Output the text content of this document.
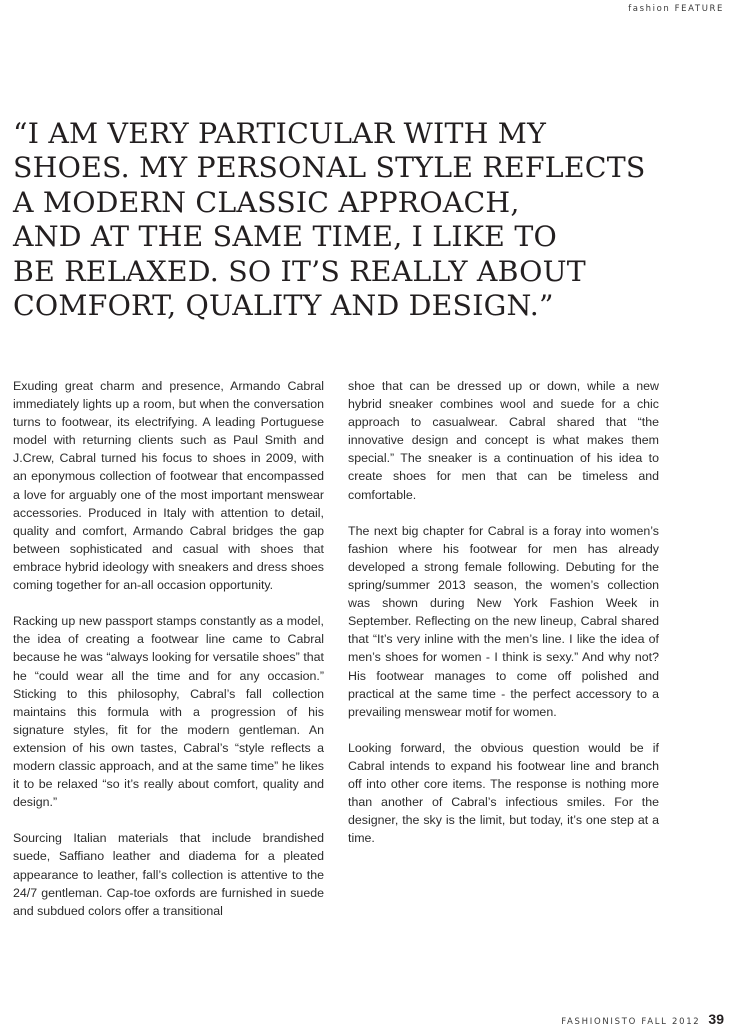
fashion FEATURE
“I AM VERY PARTICULAR WITH MY
SHOES. MY PERSONAL STYLE REFLECTS
A MODERN CLASSIC APPROACH,
AND AT THE SAME TIME, I LIKE TO
BE RELAXED. SO IT’S REALLY ABOUT
COMFORT, QUALITY AND DESIGN.”

Exuding great charm and presence, Armando Cabral immediately lights up a room, but when the conversation turns to footwear, its electrifying. A leading Portuguese model with returning clients such as Paul Smith and J.Crew, Cabral turned his focus to shoes in 2009, with an eponymous collection of footwear that encompassed a love for arguably one of the most important menswear accessories. Produced in Italy with attention to detail, quality and comfort, Armando Cabral bridges the gap between sophisticated and casual with shoes that embrace hybrid ideology with sneakers and dress shoes coming together for an-all occasion opportunity.

Racking up new passport stamps constantly as a model, the idea of creating a footwear line came to Cabral because he was “always looking for versatile shoes” that he “could wear all the time and for any occasion.” Sticking to this philosophy, Cabral’s fall collection maintains this formula with a progression of his signature styles, fit for the modern gentleman. An extension of his own tastes, Cabral’s “style reflects a modern classic approach, and at the same time” he likes it to be relaxed “so it’s really about comfort, quality and design.”

Sourcing Italian materials that include brandished suede, Saffiano leather and diadema for a pleated appearance to leather, fall’s collection is attentive to the 24/7 gentleman. Cap-toe oxfords are furnished in suede and subdued colors offer a transitional

shoe that can be dressed up or down, while a new hybrid sneaker combines wool and suede for a chic approach to casualwear. Cabral shared that “the innovative design and concept is what makes them special.” The sneaker is a continuation of his idea to create shoes for men that can be timeless and comfortable.

The next big chapter for Cabral is a foray into women’s fashion where his footwear for men has already developed a strong female following. Debuting for the spring/summer 2013 season, the women’s collection was shown during New York Fashion Week in September. Reflecting on the new lineup, Cabral shared that “It’s very inline with the men’s line. I like the idea of men’s shoes for women - I think is sexy.” And why not? His footwear manages to come off polished and practical at the same time - the perfect accessory to a prevailing menswear motif for women.

Looking forward, the obvious question would be if Cabral intends to expand his footwear line and branch off into other core items. The response is nothing more than another of Cabral’s infectious smiles. For the designer, the sky is the limit, but today, it’s one step at a time.

FASHIONISTO FALL 2012 39
